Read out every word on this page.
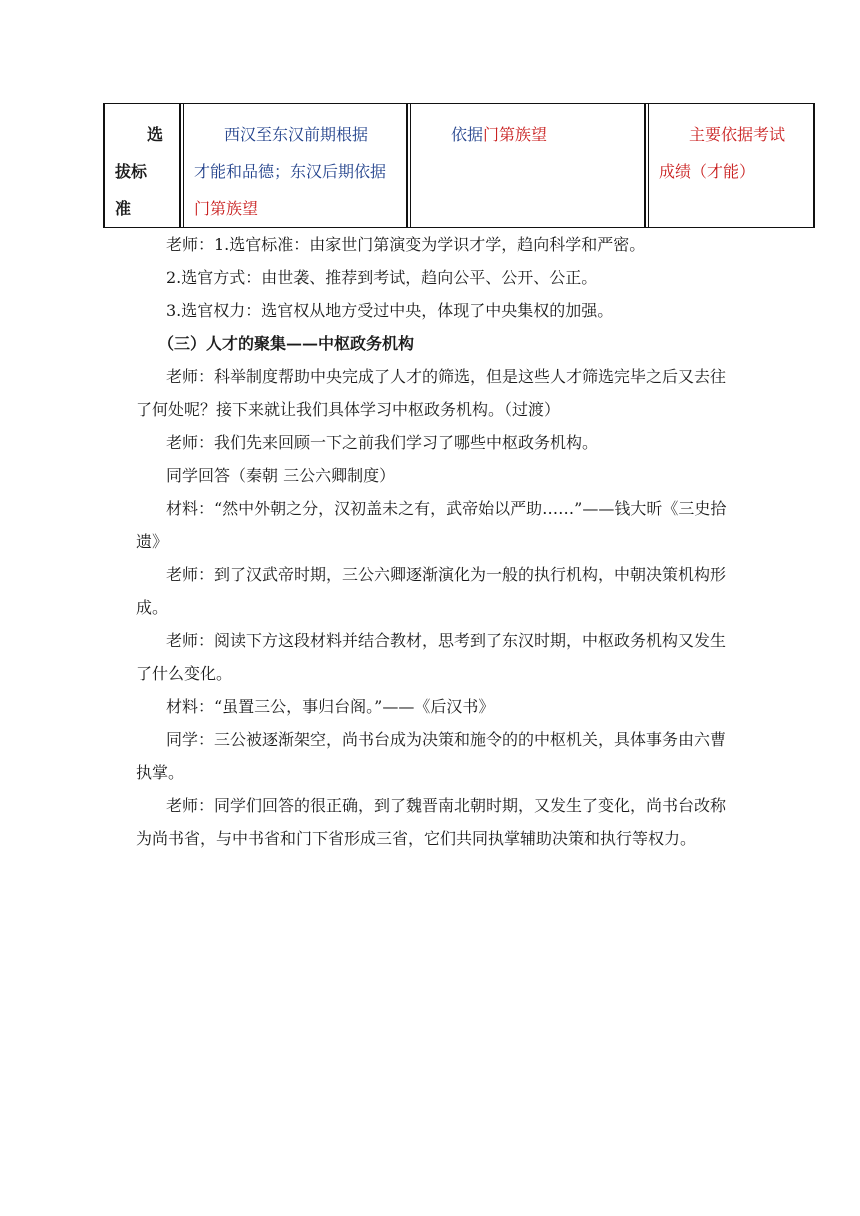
选
拔标
准

西汉至东汉前期根据
才能和品德；东汉后期依据
门第族望

依据门第族望	主要依据考试
成绩（才能）

老师：1.选官标准：由家世门第演变为学识才学，趋向科学和严密。

2.选官方式：由世袭、推荐到考试，趋向公平、公开、公正。

3.选官权力：选官权从地方受过中央，体现了中央集权的加强。

（三）人才的聚集——中枢政务机构

老师：科举制度帮助中央完成了人才的筛选，但是这些人才筛选完毕之后又去往了何处呢？接下来就让我们具体学习中枢政务机构。（过渡）

老师：我们先来回顾一下之前我们学习了哪些中枢政务机构。

同学回答（秦朝 三公六卿制度）

材料：“然中外朝之分，汉初盖未之有，武帝始以严助……”——钱大昕《三史拾遗》

老师：到了汉武帝时期，三公六卿逐渐演化为一般的执行机构，中朝决策机构形成。

老师：阅读下方这段材料并结合教材，思考到了东汉时期，中枢政务机构又发生了什么变化。

材料：“虽置三公，事归台阁。”——《后汉书》

同学：三公被逐渐架空，尚书台成为决策和施令的的中枢机关，具体事务由六曹执掌。

老师：同学们回答的很正确，到了魏晋南北朝时期，又发生了变化，尚书台改称为尚书省，与中书省和门下省形成三省，它们共同执掌辅助决策和执行等权力。
